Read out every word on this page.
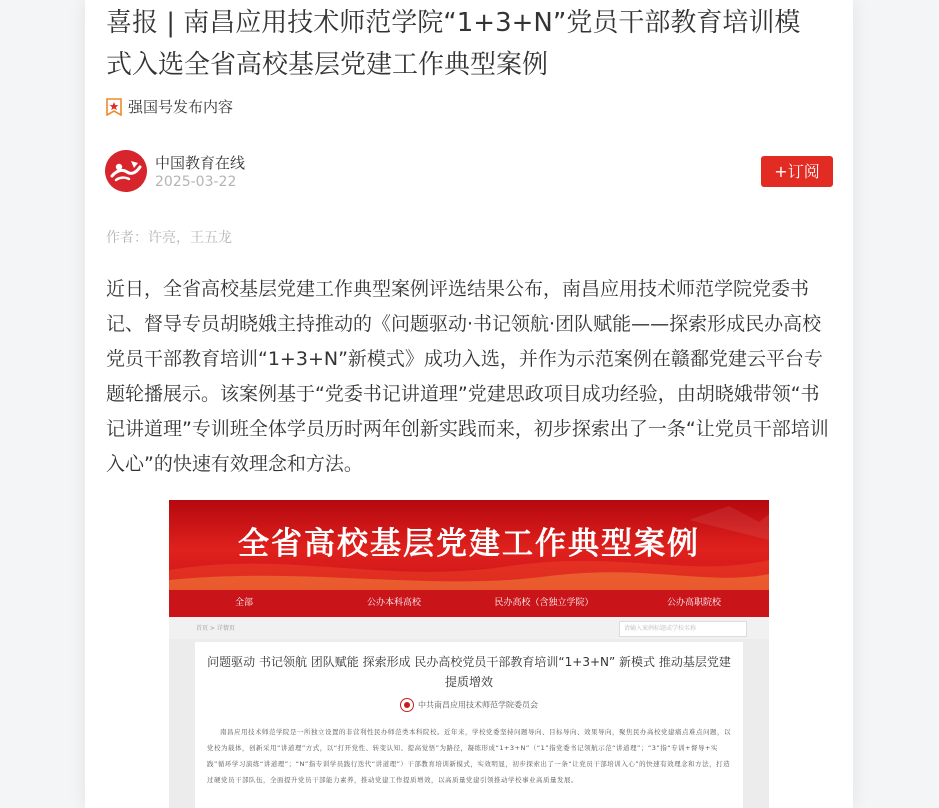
喜报 | 南昌应用技术师范学院“1+3+N”党员干部教育培训模式入选全省高校基层党建工作典型案例
强国号发布内容
中国教育在线
2025-03-22
+订阅
作者：许亮，王五龙

近日，全省高校基层党建工作典型案例评选结果公布，南昌应用技术师范学院党委书记、督导专员胡晓娥主持推动的《问题驱动·书记领航·团队赋能——探索形成民办高校党员干部教育培训“1+3+N”新模式》成功入选，并作为示范案例在赣鄱党建云平台专题轮播展示。该案例基于“党委书记讲道理”党建思政项目成功经验，由胡晓娥带领“书记讲道理”专训班全体学员历时两年创新实践而来，初步探索出了一条“让党员干部培训入心”的快速有效理念和方法。

全省高校基层党建工作典型案例
全部	公办本科高校	民办高校（含独立学院）	公办高职院校
首页 > 详情页	请输入案例标题或学校名称
问题驱动 书记领航 团队赋能 探索形成 民办高校党员干部教育培训“1+3+N” 新模式 推动基层党建提质增效
中共南昌应用技术师范学院委员会
南昌应用技术师范学院是一所独立设置的非营利性民办师范类本科院校。近年来，学校党委坚持问题导向、目标导向、效果导向，聚焦民办高校党建痛点难点问题，以党校为载体，创新采用“讲道理”方式，以“打开党性、转变认知、提高觉悟”为路径，凝练形成“1+3+N”（“1”指党委书记领航示范“讲道理”；“3”指“专训+督导+实践”循环学习演练“讲道理”；“N”指专训学员践行迭代“讲道理”）干部教育培训新模式，实效明显，初步探索出了一条“让党员干部培训入心”的快速有效理念和方法，打造过硬党员干部队伍，全面提升党员干部能力素养，推动党建工作提质增效，以高质量党建引领推动学校事业高质量发展。
